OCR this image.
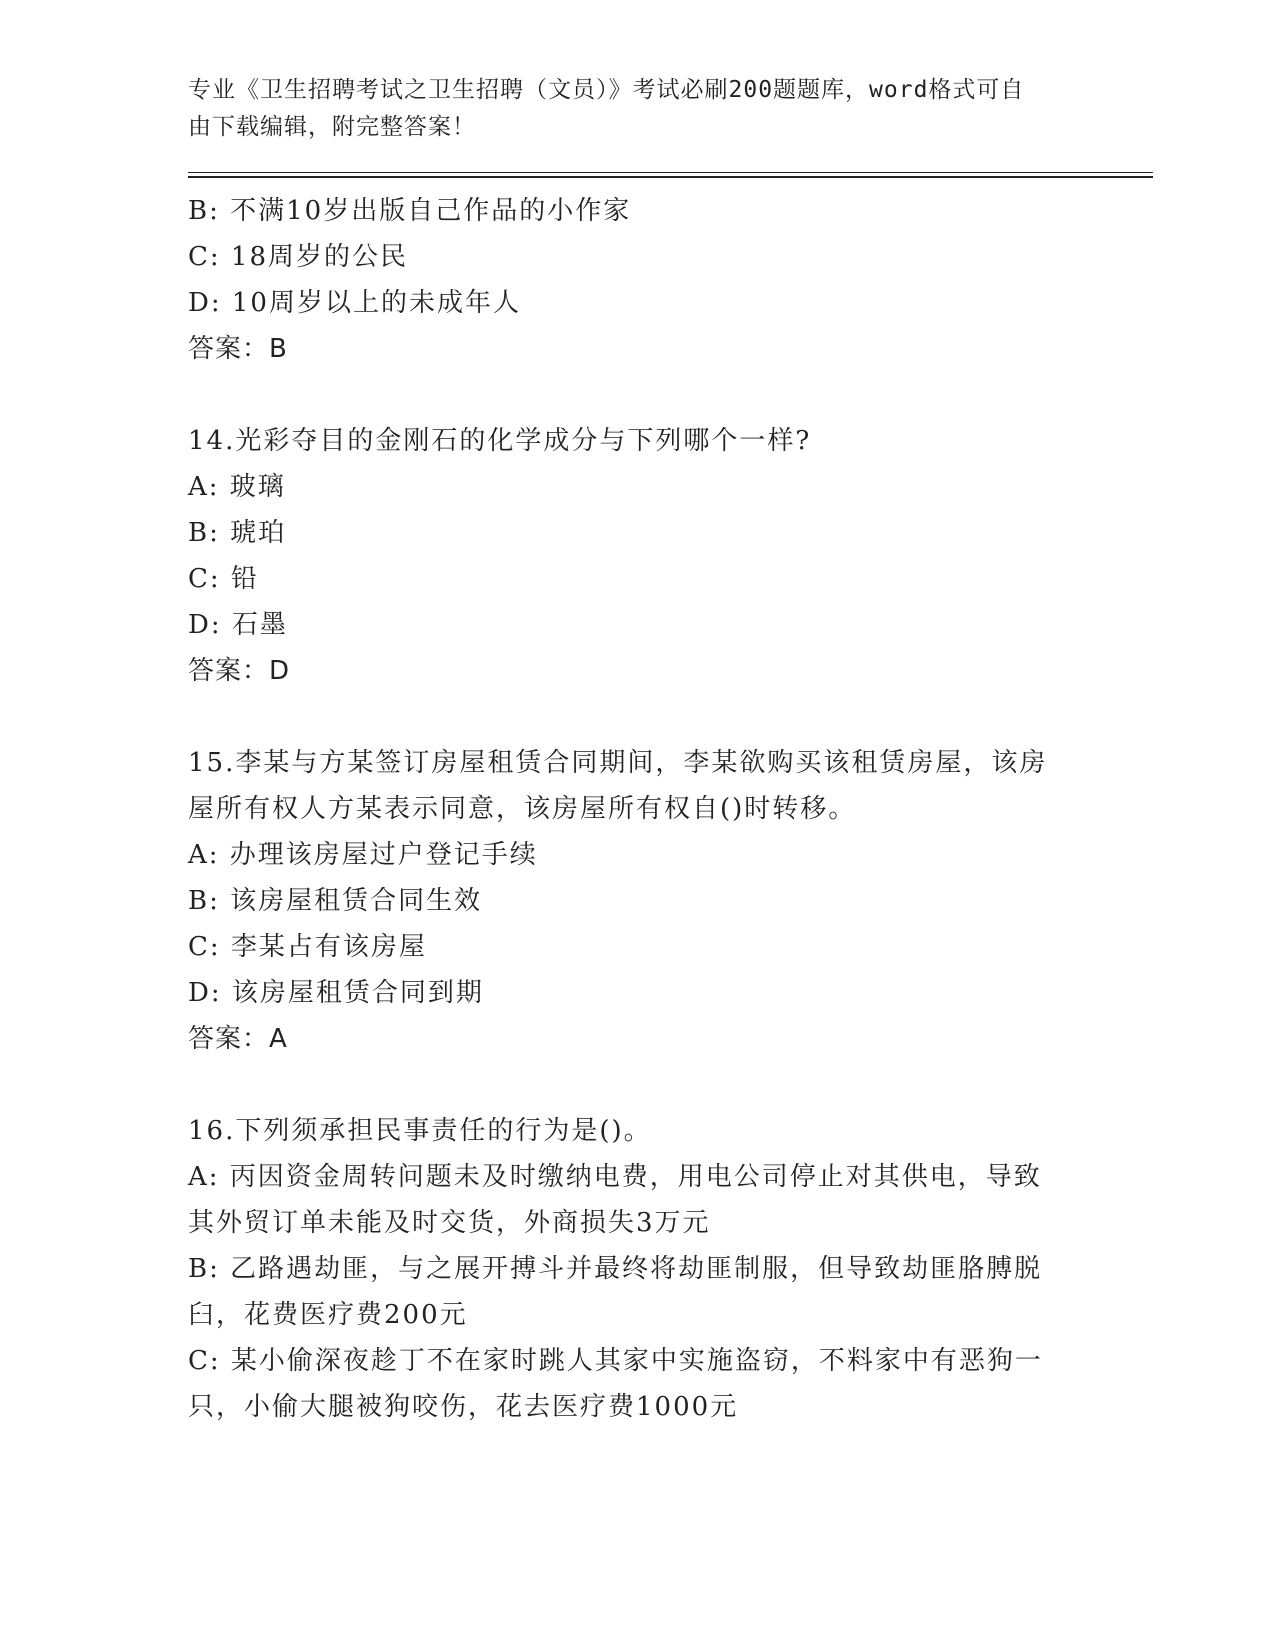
专业《卫生招聘考试之卫生招聘（文员）》考试必刷200题题库，word格式可自
由下载编辑，附完整答案！
B: 不满10岁出版自己作品的小作家
C: 18周岁的公民
D: 10周岁以上的未成年人
答案：B
14.光彩夺目的金刚石的化学成分与下列哪个一样?
A: 玻璃
B: 琥珀
C: 铅
D: 石墨
答案：D
15.李某与方某签订房屋租赁合同期间，李某欲购买该租赁房屋，该房
屋所有权人方某表示同意，该房屋所有权自()时转移。
A: 办理该房屋过户登记手续
B: 该房屋租赁合同生效
C: 李某占有该房屋
D: 该房屋租赁合同到期
答案：A
16.下列须承担民事责任的行为是()。
A: 丙因资金周转问题未及时缴纳电费，用电公司停止对其供电，导致
其外贸订单未能及时交货，外商损失3万元
B: 乙路遇劫匪，与之展开搏斗并最终将劫匪制服，但导致劫匪胳膊脱
臼，花费医疗费200元
C: 某小偷深夜趁丁不在家时跳人其家中实施盗窃，不料家中有恶狗一
只，小偷大腿被狗咬伤，花去医疗费1000元
